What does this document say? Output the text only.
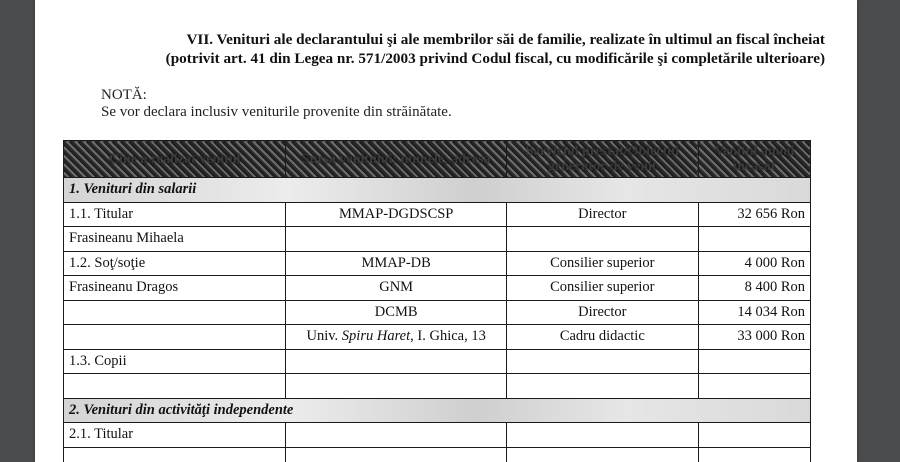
VII. Venituri ale declarantului şi ale membrilor săi de familie, realizate în ultimul an fiscal încheiat
(potrivit art. 41 din Legea nr. 571/2003 privind Codul fiscal, cu modificările şi completările ulterioare)
NOTĂ:
Se vor declara inclusiv veniturile provenite din străinătate.
Cine a realizat venitul	Sursa venitului: numele, adresa	Serviciul prestat/Obiectul generator de venit	Venitul anual încasat
1. Venituri din salarii			
1.1. Titular	MMAP-DGDSCSP	Director	32 656 Ron
Frasineanu Mihaela			
1.2. Soţ/soţie	MMAP-DB	Consilier superior	4 000 Ron
Frasineanu Dragos	GNM	Consilier superior	8 400 Ron
	DCMB	Director	14 034 Ron
	Univ. Spiru Haret, I. Ghica, 13	Cadru didactic	33 000 Ron
1.3. Copii			

2. Venituri din activităţi independente			
2.1. Titular			
